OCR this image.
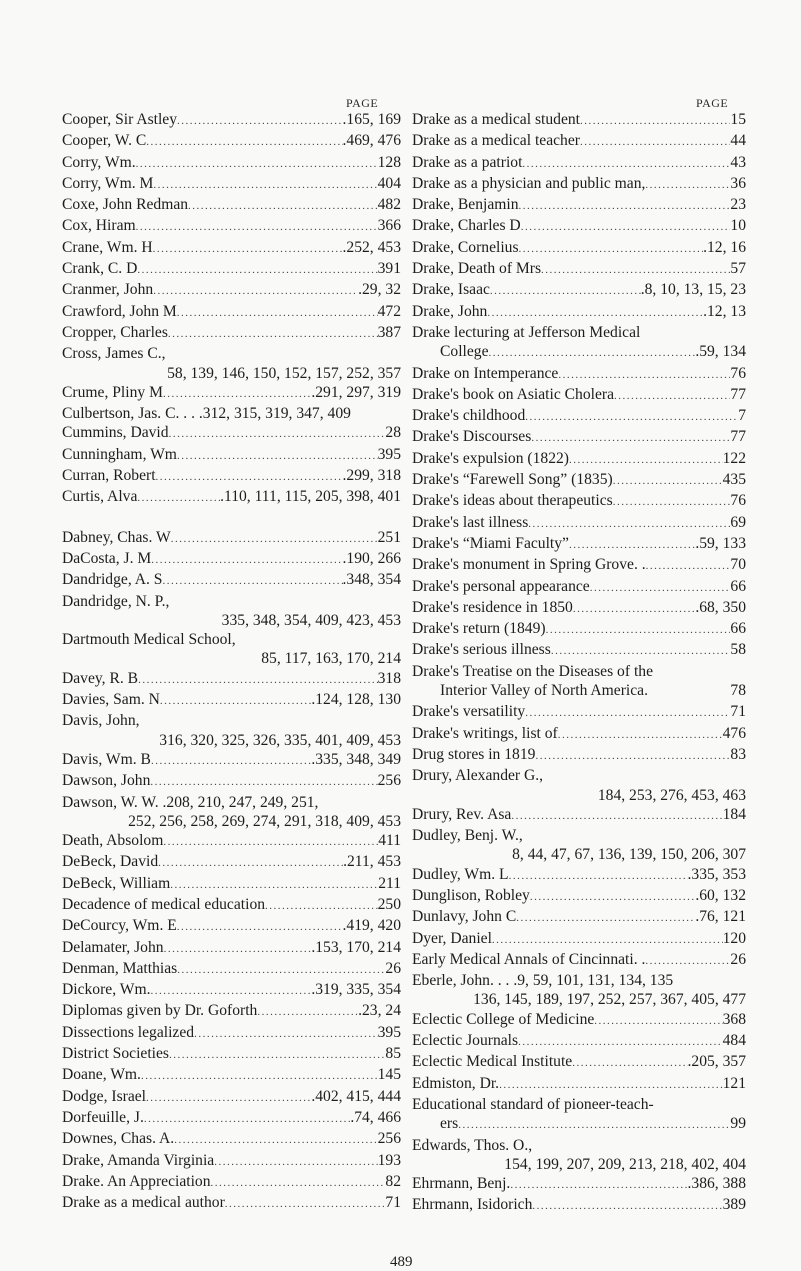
PAGE	PAGE
Cooper, Sir Astley .....	.165, 169
Cooper, W. C .....	.469, 476
Corry, Wm. .....	128
Corry, Wm. M .....	404
Coxe, John Redman .....	482
Cox, Hiram .....	366
Crane, Wm. H .....	.252, 453
Crank, C. D .....	391
Cranmer, John .....	.29, 32
Crawford, John M .....	472
Cropper, Charles .....	387
Cross, James C.,
58, 139, 146, 150, 152, 157, 252, 357
Crume, Pliny M .....	.291, 297, 319
Culbertson, Jas. C. . . .312, 315, 319, 347, 409
Cummins, David .....	28
Cunningham, Wm .....	395
Curran, Robert .....	.299, 318
Curtis, Alva .....	.110, 111, 115, 205, 398, 401
Dabney, Chas. W .....	251
DaCosta, J. M .....	.190, 266
Dandridge, A. S .....	.348, 354
Dandridge, N. P.,
335, 348, 354, 409, 423, 453
Dartmouth Medical School,
85, 117, 163, 170, 214
Davey, R. B .....	318
Davies, Sam. N .....	.124, 128, 130
Davis, John,
316, 320, 325, 326, 335, 401, 409, 453
Davis, Wm. B .....	.335, 348, 349
Dawson, John .....	256
Dawson, W. W. .208, 210, 247, 249, 251,
252, 256, 258, 269, 274, 291, 318, 409, 453
Death, Absolom .....	411
DeBeck, David .....	.211, 453
DeBeck, William .....	211
Decadence of medical education .....	250
DeCourcy, Wm. E .....	.419, 420
Delamater, John .....	.153, 170, 214
Denman, Matthias .....	26
Dickore, Wm. .....	.319, 335, 354
Diplomas given by Dr. Goforth .....	.23, 24
Dissections legalized .....	395
District Societies .....	85
Doane, Wm. .....	145
Dodge, Israel .....	.402, 415, 444
Dorfeuille, J. .....	.74, 466
Downes, Chas. A. .....	256
Drake, Amanda Virginia .....	193
Drake. An Appreciation .....	82
Drake as a medical author .....	71
Drake as a medical student .....	15
Drake as a medical teacher .....	44
Drake as a patriot .....	43
Drake as a physician and public man, .....	36
Drake, Benjamin .....	23
Drake, Charles D .....	10
Drake, Cornelius .....	.12, 16
Drake, Death of Mrs .....	57
Drake, Isaac .....	.8, 10, 13, 15, 23
Drake, John .....	.12, 13
Drake lecturing at Jefferson Medical
College .....	.59, 134
Drake on Intemperance .....	76
Drake's book on Asiatic Cholera .....	77
Drake's childhood .....	7
Drake's Discourses .....	77
Drake's expulsion (1822) .....	122
Drake's “Farewell Song” (1835) .....	435
Drake's ideas about therapeutics .....	76
Drake's last illness .....	69
Drake's “Miami Faculty” .....	.59, 133
Drake's monument in Spring Grove. . .....	70
Drake's personal appearance .....	66
Drake's residence in 1850 .....	.68, 350
Drake's return (1849) .....	66
Drake's serious illness .....	58
Drake's Treatise on the Diseases of the
Interior Valley of North America.	78
Drake's versatility .....	71
Drake's writings, list of .....	476
Drug stores in 1819 .....	83
Drury, Alexander G.,
184, 253, 276, 453, 463
Drury, Rev. Asa .....	184
Dudley, Benj. W.,
8, 44, 47, 67, 136, 139, 150, 206, 307
Dudley, Wm. L .....	.335, 353
Dunglison, Robley .....	.60, 132
Dunlavy, John C .....	.76, 121
Dyer, Daniel .....	120
Early Medical Annals of Cincinnati. . .....	26
Eberle, John. . . .9, 59, 101, 131, 134, 135
136, 145, 189, 197, 252, 257, 367, 405, 477
Eclectic College of Medicine .....	368
Eclectic Journals .....	484
Eclectic Medical Institute .....	.205, 357
Edmiston, Dr. .....	121
Educational standard of pioneer-teach-
ers .....	99
Edwards, Thos. O.,
154, 199, 207, 209, 213, 218, 402, 404
Ehrmann, Benj. .....	.386, 388
Ehrmann, Isidorich .....	389
489
